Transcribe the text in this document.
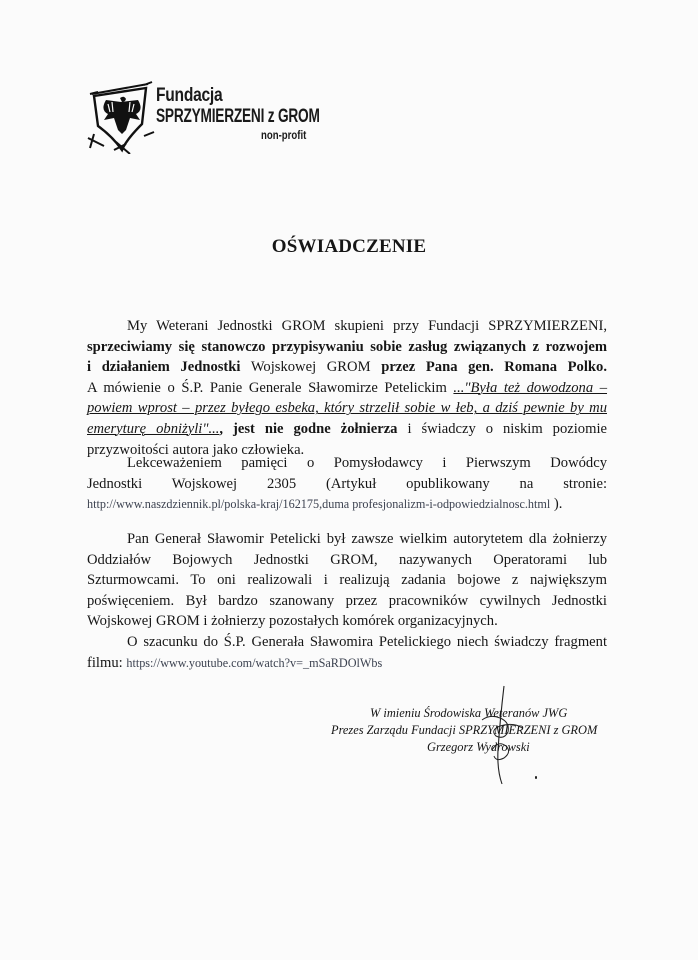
Fundacja
SPRZYMIERZENI z GROM
non-profit
OŚWIADCZENIE
My Weterani Jednostki GROM skupieni przy Fundacji SPRZYMIERZENI,
sprzeciwiamy się stanowczo przypisywaniu sobie zasług związanych z rozwojem
i działaniem Jednostki Wojskowej GROM przez Pana gen. Romana Polko.
A mówienie o Ś.P. Panie Generale Sławomirze Petelickim ..."Była też dowodzona –
powiem wprost – przez byłego esbeka, który strzelił sobie w łeb, a dziś pewnie by mu
emeryturę obniżyli"..., jest nie godne żołnierza i świadczy o niskim poziomie
przyzwoitości autora jako człowieka.
Lekceważeniem pamięci o Pomysłodawcy i Pierwszym Dowódcy
Jednostki Wojskowej 2305 (Artykuł opublikowany na stronie:
http://www.naszdziennik.pl/polska-kraj/162175,duma profesjonalizm-i-odpowiedzialnosc.html ).
Pan Generał Sławomir Petelicki był zawsze wielkim autorytetem dla żołnierzy
Oddziałów Bojowych Jednostki GROM, nazywanych Operatorami lub
Szturmowcami. To oni realizowali i realizują zadania bojowe z największym
poświęceniem. Był bardzo szanowany przez pracowników cywilnych Jednostki
Wojskowej GROM i żołnierzy pozostałych komórek organizacyjnych.
O szacunku do Ś.P. Generała Sławomira Petelickiego niech świadczy fragment
filmu: https://www.youtube.com/watch?v=_mSaRDOlWbs
W imieniu Środowiska Weteranów JWG
Prezes Zarządu Fundacji SPRZYMIERZENI z GROM
Grzegorz Wydrowski
